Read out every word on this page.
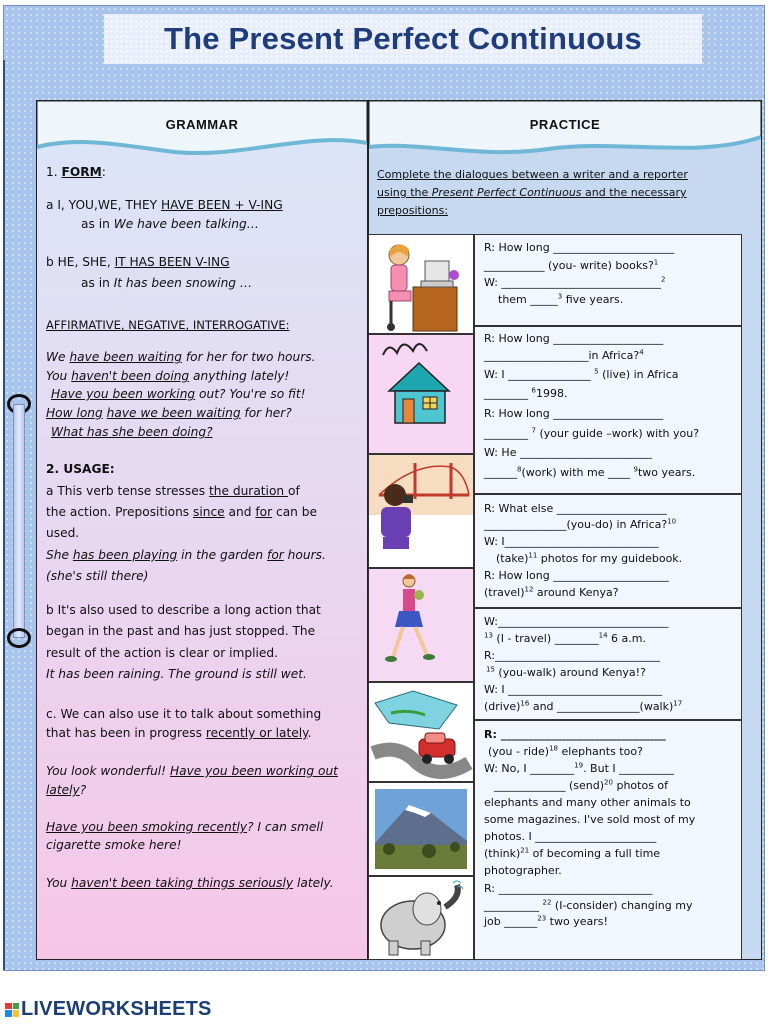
The Present Perfect Continuous
GRAMMAR	PRACTICE
1. FORM:
a I, YOU,WE, THEY HAVE BEEN + V-ING
as in We have been talking…
b HE, SHE, IT HAS BEEN V-ING
as in It has been snowing …
AFFIRMATIVE, NEGATIVE, INTERROGATIVE:
We have been waiting for her for two hours.
You haven't been doing anything lately!
Have you been working out? You're so fit!
How long have we been waiting for her?
What has she been doing?
2. USAGE:
a This verb tense stresses the duration of
the action. Prepositions since and for can be
used.
She has been playing in the garden for hours.
(she's still there)
b It's also used to describe a long action that
began in the past and has just stopped. The
result of the action is clear or implied.
It has been raining. The ground is still wet.
c. We can also use it to talk about something
that has been in progress recently or lately.
You look wonderful! Have you been working out
lately?
Have you been smoking recently? I can smell
cigarette smoke here!
You haven't been taking things seriously lately.
Complete the dialogues between a writer and a reporter
using the Present Perfect Continuous and the necessary
prepositions:
R: How long ______________________
___________ (you- write) books?$^1$
W: _____________________________$^2$
them _____$^3$ five years.
R: How long ____________________
___________________in Africa?$^4$
W: I _______________ $^5$ (live) in Africa
________ $^6$1998.
R: How long ____________________
________ $^7$ (your guide –work) with you?
W: He ________________________
______$^8$(work) with me ____ $^9$two years.
R: What else ____________________
_______________(you-do) in Africa?$^{10}$
W: I____________________________
(take)$^{11}$ photos for my guidebook.
R: How long _____________________
(travel)$^{12}$ around Kenya?
W:_______________________________
$^{13}$ (I - travel) ________$^{14}$ 6 a.m.
R:______________________________
$^{15}$ (you-walk) around Kenya!?
W: I ____________________________
(drive)$^{16}$ and _______________(walk)$^{17}$
R: ______________________________
(you - ride)$^{18}$ elephants too?
W: No, I ________$^{19}$. But I __________
_____________ (send)$^{20}$ photos of
elephants and many other animals to
some magazines. I've sold most of my
photos. I ______________________
(think)$^{21}$ of becoming a full time
photographer.
R: ____________________________
__________ $^{22}$ (I-consider) changing my
job ______$^{23}$ two years!
LIVEWORKSHEETS
